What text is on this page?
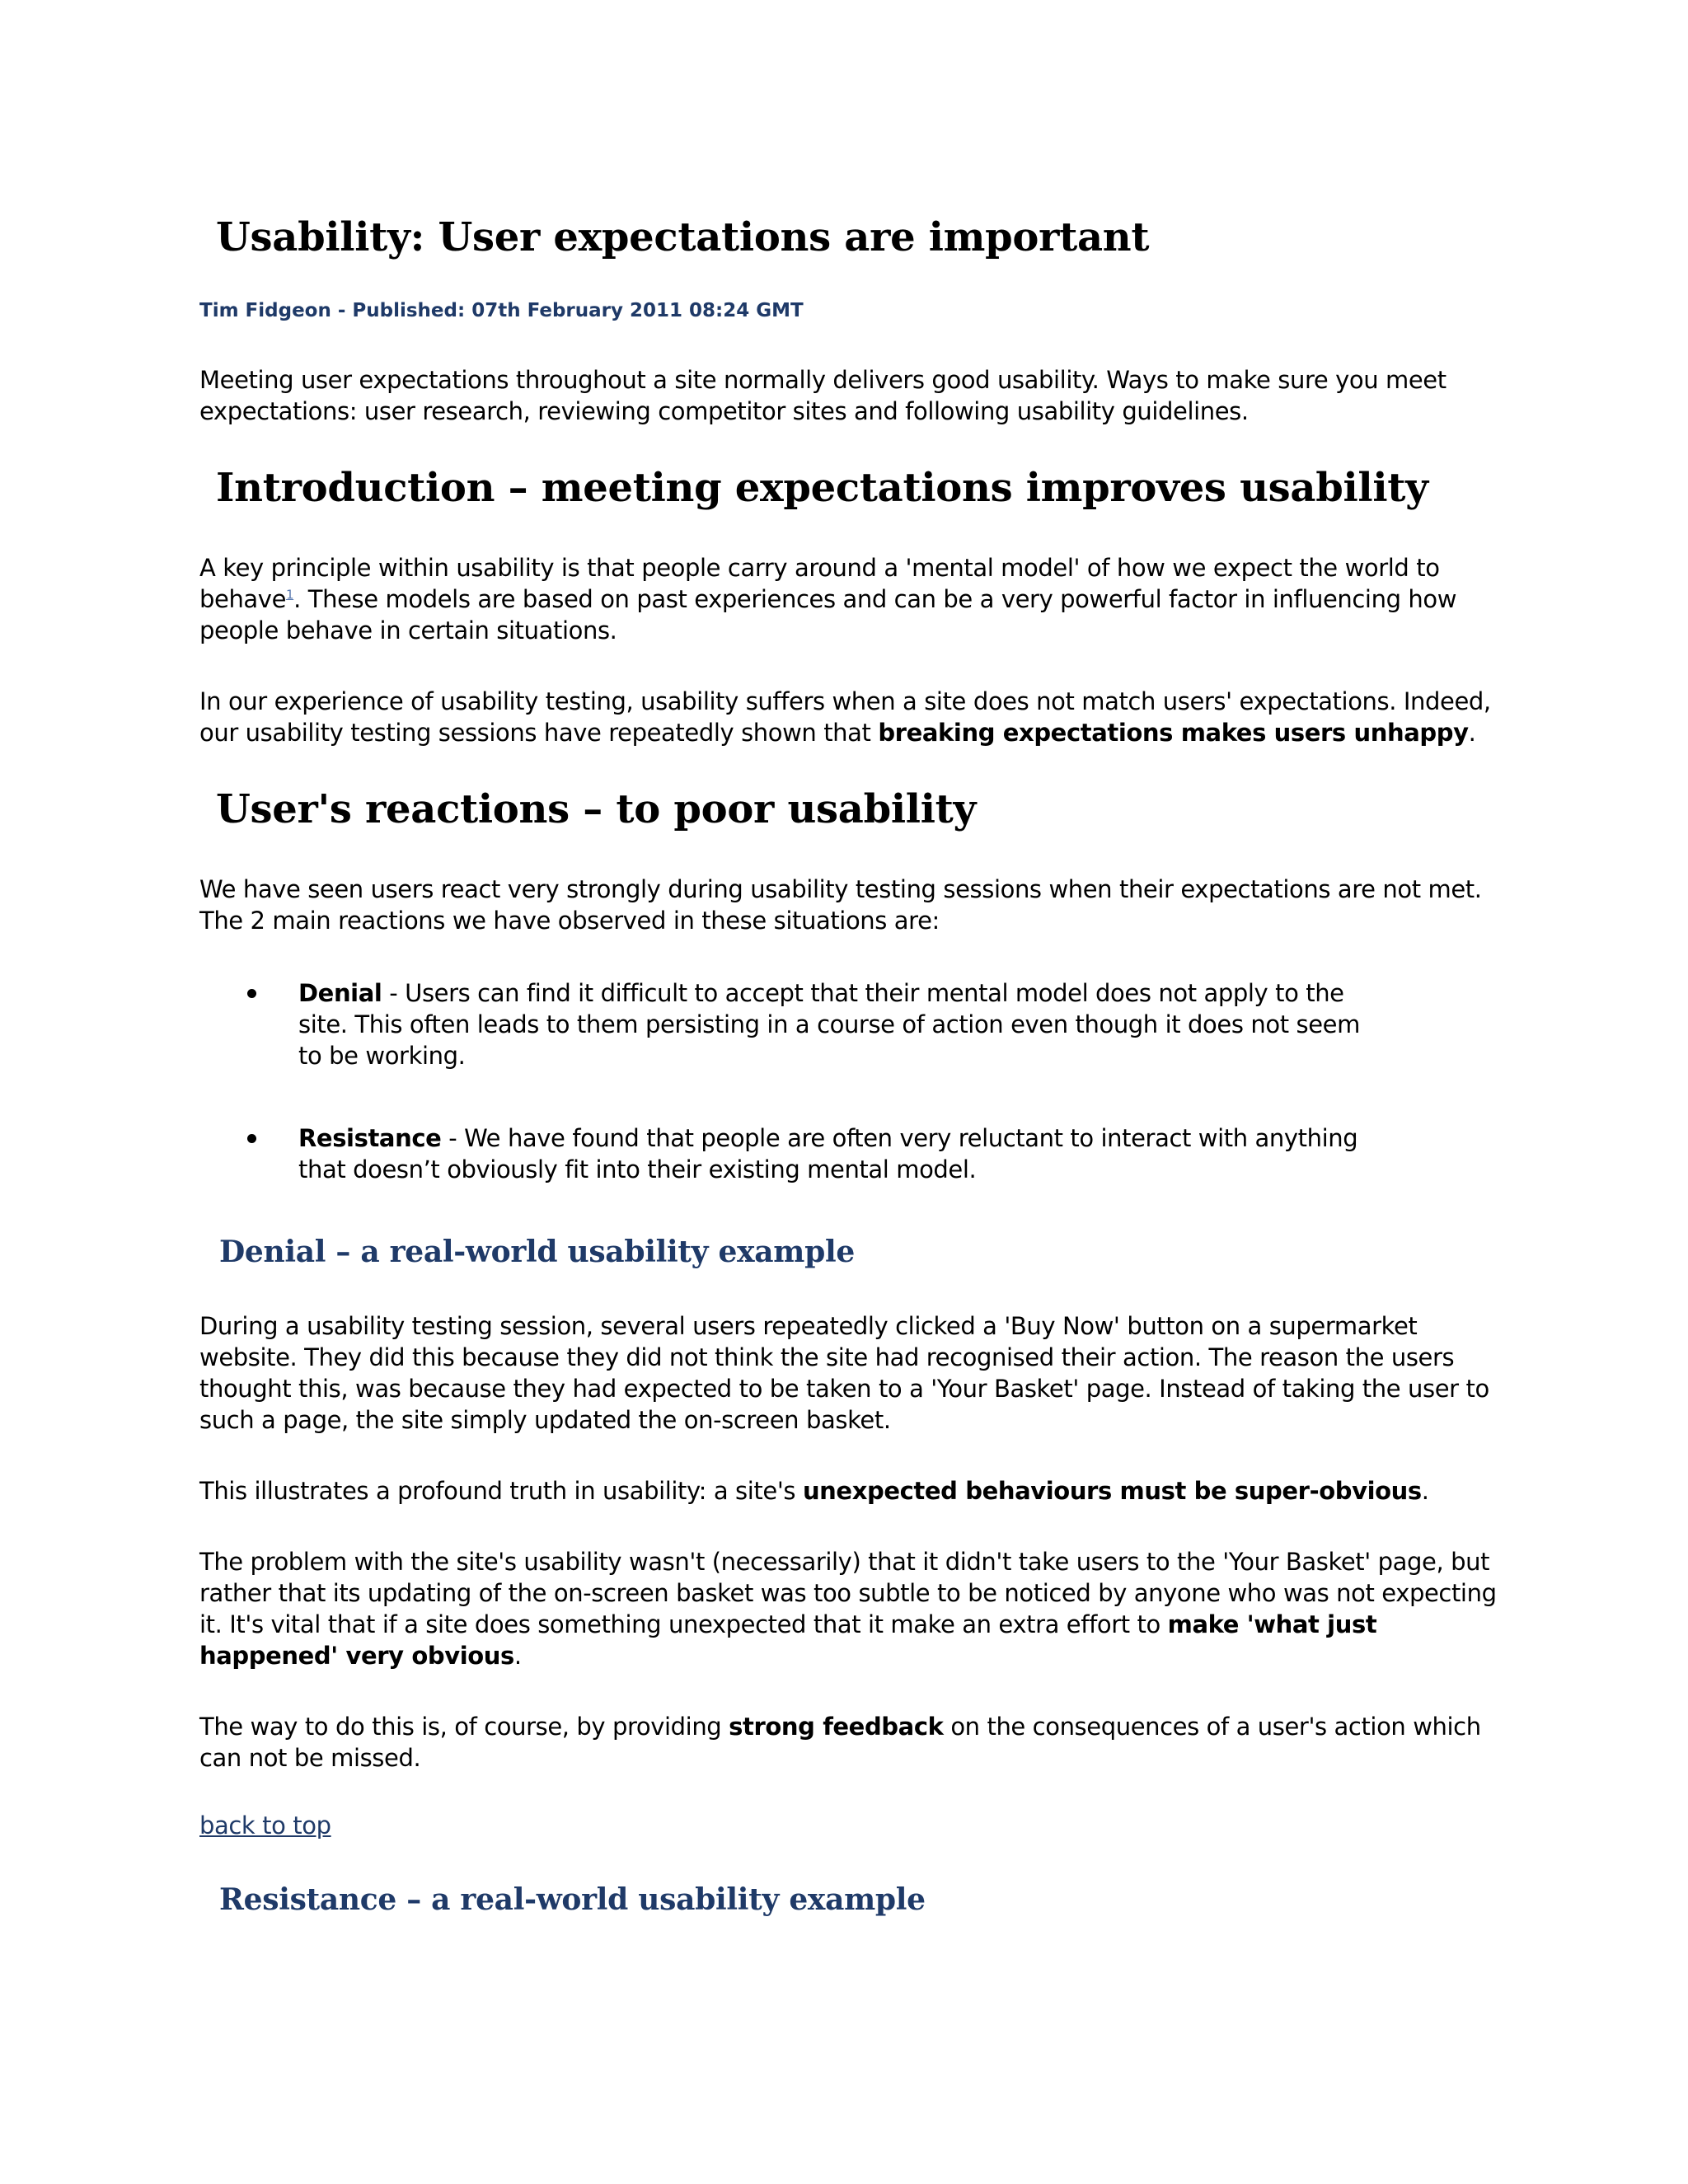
Usability: User expectations are important
Tim Fidgeon - Published: 07th February 2011 08:24 GMT

Meeting user expectations throughout a site normally delivers good usability. Ways to make sure you meet expectations: user research, reviewing competitor sites and following usability guidelines.

Introduction – meeting expectations improves usability

A key principle within usability is that people carry around a 'mental model' of how we expect the world to behave$^1$. These models are based on past experiences and can be a very powerful factor in influencing how people behave in certain situations.

In our experience of usability testing, usability suffers when a site does not match users' expectations. Indeed, our usability testing sessions have repeatedly shown that breaking expectations makes users unhappy.

User's reactions – to poor usability

We have seen users react very strongly during usability testing sessions when their expectations are not met. The 2 main reactions we have observed in these situations are:

Denial - Users can find it difficult to accept that their mental model does not apply to the site. This often leads to them persisting in a course of action even though it does not seem to be working.
Resistance - We have found that people are often very reluctant to interact with anything that doesn’t obviously fit into their existing mental model.
Denial – a real-world usability example

During a usability testing session, several users repeatedly clicked a 'Buy Now' button on a supermarket website. They did this because they did not think the site had recognised their action. The reason the users thought this, was because they had expected to be taken to a 'Your Basket' page. Instead of taking the user to such a page, the site simply updated the on-screen basket.

This illustrates a profound truth in usability: a site's unexpected behaviours must be super-obvious.

The problem with the site's usability wasn't (necessarily) that it didn't take users to the 'Your Basket' page, but rather that its updating of the on-screen basket was too subtle to be noticed by anyone who was not expecting it. It's vital that if a site does something unexpected that it make an extra effort to make 'what just happened' very obvious.

The way to do this is, of course, by providing strong feedback on the consequences of a user's action which can not be missed.

back to top
Resistance – a real-world usability example
